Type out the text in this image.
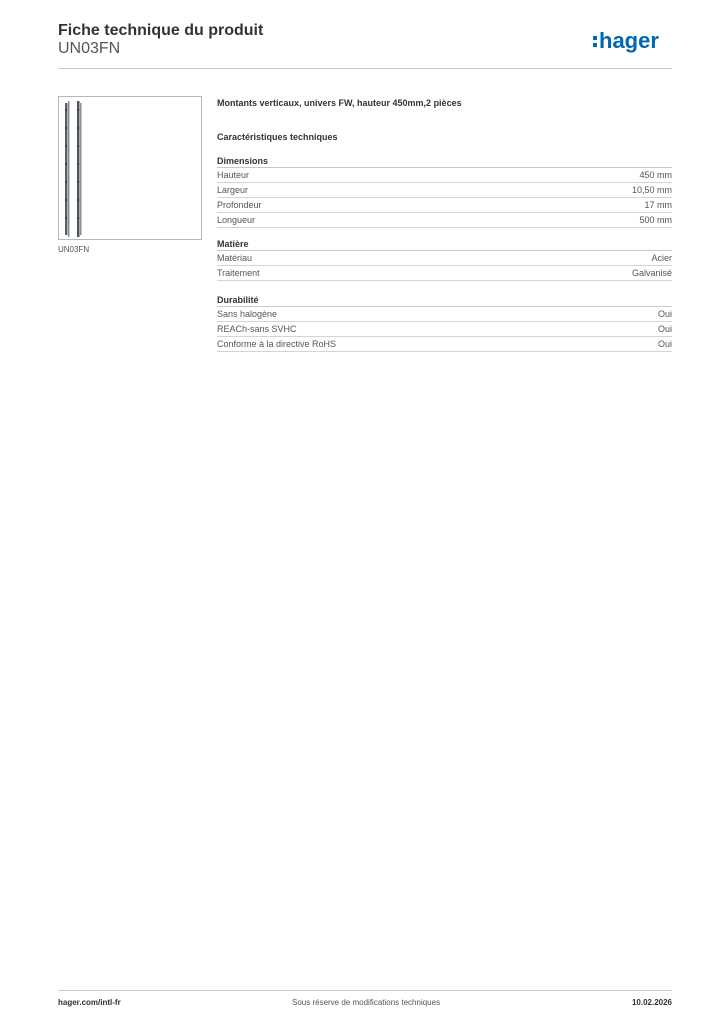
Fiche technique du produit
UN03FN	hager
UN03FN
Montants verticaux, univers FW, hauteur 450mm,2 pièces
Caractéristiques techniques
Dimensions
Hauteur	450 mm
Largeur	10,50 mm
Profondeur	17 mm
Longueur	500 mm
Matière
Matériau	Acier
Traitement	Galvanisé
Durabilité
Sans halogène	Oui
REACh-sans SVHC	Oui
Conforme à la directive RoHS	Oui
hager.com/intl-fr	Sous réserve de modifications techniques	10.02.2026
